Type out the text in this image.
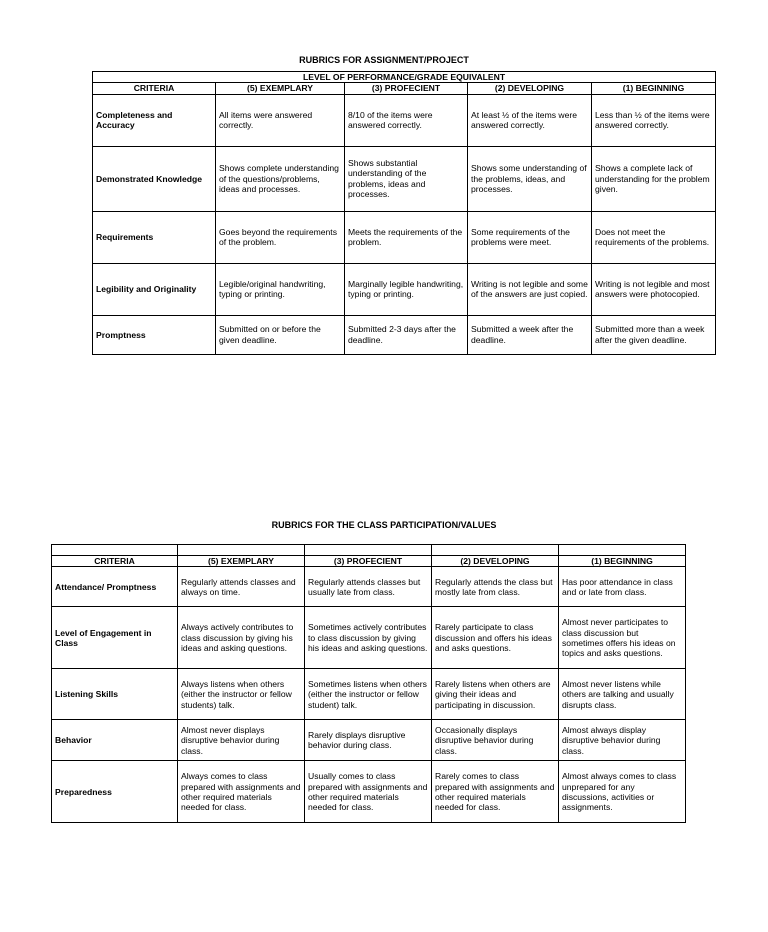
RUBRICS FOR ASSIGNMENT/PROJECT
LEVEL OF PERFORMANCE/GRADE EQUIVALENT				
CRITERIA	(5) EXEMPLARY	(3) PROFECIENT	(2) DEVELOPING	(1) BEGINNING
Completeness and Accuracy	All items were answered correctly.	8/10 of the items were answered correctly.	At least ½ of the items were answered correctly.	Less than ½ of the items were answered correctly.
Demonstrated Knowledge	Shows complete understanding of the questions/problems, ideas and processes.	Shows substantial understanding of the problems, ideas and processes.	Shows some understanding of the problems, ideas, and processes.	Shows a complete lack of understanding for the problem given.
Requirements	Goes beyond the requirements of the problem.	Meets the requirements of the problem.	Some requirements of the problems were meet.	Does not meet the requirements of the problems.
Legibility and Originality	Legible/original handwriting, typing or printing.	Marginally legible handwriting, typing or printing.	Writing is not legible and some of the answers are just copied.	Writing is not legible and most answers were photocopied.
Promptness	Submitted on or before the given deadline.	Submitted 2-3 days after the deadline.	Submitted a week after the deadline.	Submitted more than a week after the given deadline.
RUBRICS FOR THE CLASS PARTICIPATION/VALUES

CRITERIA	(5) EXEMPLARY	(3) PROFECIENT	(2) DEVELOPING	(1) BEGINNING
Attendance/ Promptness	Regularly attends classes and always on time.	Regularly attends classes but usually late from class.	Regularly attends the class but mostly late from class.	Has poor attendance in class and or late from class.
Level of Engagement in Class	Always actively contributes to class discussion by giving his ideas and asking questions.	Sometimes actively contributes to class discussion by giving his ideas and asking questions.	Rarely participate to class discussion and offers his ideas and asks questions.	Almost never participates to class discussion but sometimes offers his ideas on topics and asks questions.
Listening Skills	Always listens when others (either the instructor or fellow students) talk.	Sometimes listens when others (either the instructor or fellow student) talk.	Rarely listens when others are giving their ideas and participating in discussion.	Almost never listens while others are talking and usually disrupts class.
Behavior	Almost never displays disruptive behavior during class.	Rarely displays disruptive behavior during class.	Occasionally displays disruptive behavior during class.	Almost always display disruptive behavior during class.
Preparedness	Always comes to class prepared with assignments and other required materials needed for class.	Usually comes to class prepared with assignments and other required materials needed for class.	Rarely comes to class prepared with assignments and other required materials needed for class.	Almost always comes to class unprepared for any discussions, activities or assignments.
